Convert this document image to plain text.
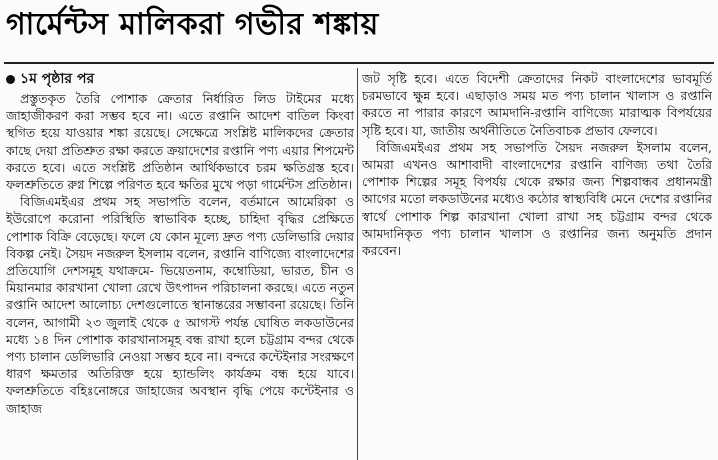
গার্মেন্টস মালিকরা গভীর শঙ্কায়
১ম পৃষ্ঠার পর

প্রস্তুতকৃত তৈরি পোশাক ক্রেতার নির্ধারিত লিড টাইমের মধ্যে জাহাজীকরণ করা সম্ভব হবে না। এতে রপ্তানি আদেশ বাতিল কিংবা স্থগিত হয়ে যাওয়ার শঙ্কা রয়েছে। সেক্ষেত্রে সংশ্লিষ্ট মালিকদের ক্রেতার কাছে দেয়া প্রতিশ্রুত রক্ষা করতে ক্রয়াদেশের রপ্তানি পণ্য এয়ার শিপমেন্ট করতে হবে। এতে সংশ্লিষ্ট প্রতিষ্ঠান আর্থিকভাবে চরম ক্ষতিগ্রস্ত হবে। ফলশ্রুতিতে রুগ্ন শিল্পে পরিণত হবে ক্ষতির মুখে পড়া গার্মেন্টস প্রতিষ্ঠান।

বিজিএমইএর প্রথম সহ সভাপতি বলেন, বর্তমানে আমেরিকা ও ইউরোপে করোনা পরিস্থিতি স্বাভাবিক হচ্ছে, চাহিদা বৃদ্ধির প্রেক্ষিতে পোশাক বিক্রি বেড়েছে। ফলে যে কোন মূল্যে দ্রুত পণ্য ডেলিভারি দেয়ার বিকল্প নেই। সৈয়দ নজরুল ইসলাম বলেন, রপ্তানি বাণিজ্যে বাংলাদেশের প্রতিযোগি দেশসমূহ যথাক্রমে- ভিয়েতনাম, কম্বোডিয়া, ভারত, চীন ও মিয়ানমার কারখানা খোলা রেখে উৎপাদন পরিচালনা করছে। এতে নতুন রপ্তানি আদেশ আলোচ্য দেশগুলোতে স্থানান্তরের সম্ভাবনা রয়েছে। তিনি বলেন, আগামী ২৩ জুলাই থেকে ৫ আগস্ট পর্যন্ত ঘোষিত লকডাউনের মধ্যে ১৪ দিন পোশাক কারখানাসমূহ বন্ধ রাখা হলে চট্টগ্রাম বন্দর থেকে পণ্য চালান ডেলিভারি নেওয়া সম্ভব হবে না। বন্দরে কন্টেইনার সংরক্ষণে ধারণ ক্ষমতার অতিরিক্ত হয়ে হ্যান্ডলিং কার্যক্রম বন্ধ হয়ে যাবে। ফলশ্রুতিতে বহিঃনোঙ্গরে জাহাজের অবস্থান বৃদ্ধি পেয়ে কন্টেইনার ও জাহাজ

জট সৃষ্টি হবে। এতে বিদেশী ক্রেতাদের নিকট বাংলাদেশের ভাবমূর্তি চরমভাবে ক্ষুন্ন হবে। এছাড়াও সময় মত পণ্য চালান খালাস ও রপ্তানি করতে না পারার কারণে আমদানি-রপ্তানি বাণিজ্যে মারাত্মক বিপর্যয়ের সৃষ্টি হবে। যা, জাতীয় অর্থনীতিতে নৈতিবাচক প্রভাব ফেলবে।

বিজিএমইএর প্রথম সহ সভাপতি সৈয়দ নজরুল ইসলাম বলেন, আমরা এখনও আশাবাদী বাংলাদেশের রপ্তানি বাণিজ্য তথা তৈরি পোশাক শিল্পের সমূহ বিপর্যয় থেকে রক্ষার জন্য শিল্পবান্ধব প্রধানমন্ত্রী আগের মতো লকডাউনের মধ্যেও কঠোর স্বাস্থ্যবিধি মেনে দেশের রপ্তানির স্বার্থে পোশাক শিল্প কারখানা খোলা রাখা সহ চট্টগ্রাম বন্দর থেকে আমদানিকৃত পণ্য চালান খালাস ও রপ্তানির জন্য অনুমতি প্রদান করবেন।
